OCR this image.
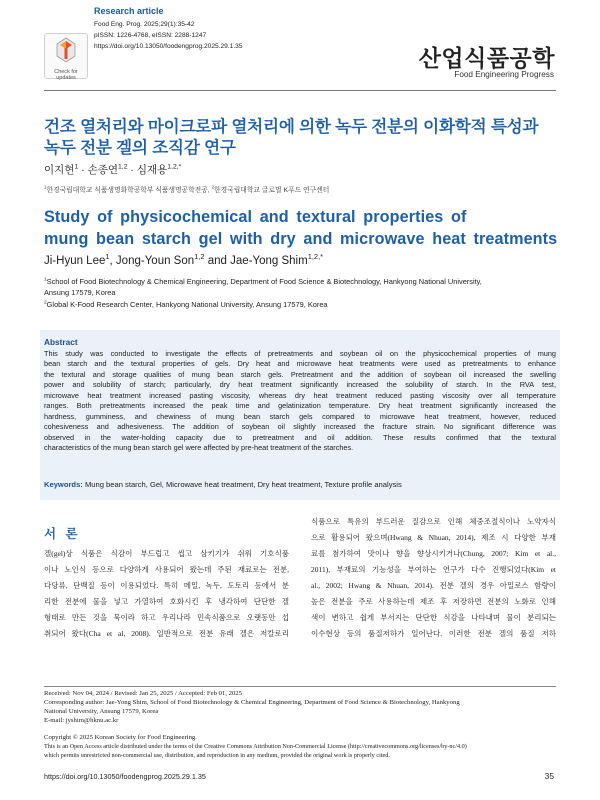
Check for updates
Research article
Food Eng. Prog. 2025;29(1):35-42
pISSN: 1226-4768, eISSN: 2288-1247
https://doi.org/10.13050/foodengprog.2025.29.1.35	산업식품공학
Food Engineering Progress
건조 열처리와 마이크로파 열처리에 의한 녹두 전분의 이화학적 특성과
녹두 전분 겔의 조직감 연구
이지현$^1$ · 손종연$^{1,2}$ · 심재용$^{1,2,*}$
$^1$한경국립대학교 식품생명화학공학부 식품생명공학전공, $^2$한경국립대학교 글로벌 K푸드 연구센터
Study of physicochemical and textural properties of
mung bean starch gel with dry and microwave heat treatments
Ji-Hyun Lee$^1$, Jong-Youn Son$^{1,2}$ and Jae-Yong Shim$^{1,2,*}$
$^1$School of Food Biotechnology & Chemical Engineering, Department of Food Science & Biotechnology, Hankyong National University,
Ansung 17579, Korea
$^2$Global K-Food Research Center, Hankyong National University, Ansung 17579, Korea
Abstract
This study was conducted to investigate the effects of pretreatments and soybean oil on the physicochemical properties of mung
bean starch and the textural properties of gels. Dry heat and microwave heat treatments were used as pretreatments to enhance
the textural and storage qualities of mung bean starch gels. Pretreatment and the addition of soybean oil increased the swelling
power and solubility of starch; particularly, dry heat treatment significantly increased the solubility of starch. In the RVA test,
microwave heat treatment increased pasting viscosity, whereas dry heat treatment reduced pasting viscosity over all temperature
ranges. Both pretreatments increased the peak time and gelatinization temperature. Dry heat treatment significantly increased the
hardness, gumminess, and chewiness of mung bean starch gels compared to microwave heat treatment, however, reduced
cohesiveness and adhesiveness. The addition of soybean oil slightly increased the fracture strain. No significant difference was
observed in the water-holding capacity due to pretreatment and oil addition. These results confirmed that the textural
characteristics of the mung bean starch gel were affected by pre-heat treatment of the starches.
Keywords: Mung bean starch, Gel, Microwave heat treatment, Dry heat treatment, Texture profile analysis
서 론
겔(gel)상 식품은 식감이 부드럽고 씹고 삼키기가 쉬워 기호식품
이나 노인식 등으로 다양하게 사용되어 왔는데 주된 재료로는 전분,
다당류, 단백질 등이 이용되었다. 특히 메밀, 녹두, 도토리 등에서 분
리한 전분에 물을 넣고 가열하여 호화시킨 후 냉각하여 단단한 겔
형태로 만든 것을 묵이라 하고 우리나라 민속식품으로 오랫동안 섭
취되어 왔다(Cha et al, 2008). 일반적으로 전분 유래 겔은 저칼로리
식품으로 특유의 부드러운 질감으로 인해 체중조절식이나 노약자식
으로 활용되어 왔으며(Hwang & Nhuan, 2014), 제조 시 다양한 부재
료를 첨가하여 맛이나 향을 향상시키거나(Chung, 2007; Kim et al.,
2011), 부재료의 기능성을 부여하는 연구가 다수 진행되었다(Kim et
al., 2002; Hwang & Nhuan, 2014). 전분 겔의 경우 아밀로스 함량이
높은 전분을 주로 사용하는데 제조 후 저장하면 전분의 노화로 인해
색이 변하고 쉽게 부서지는 단단한 식감을 나타내며 물이 분리되는
이수현상 등의 품질저하가 일어난다. 이러한 전분 겔의 품질 저하
Received: Nov 04, 2024 / Revised: Jan 25, 2025 / Accepted: Feb 01, 2025
Corresponding author: Jae-Yong Shim, School of Food Biotechnology & Chemical Engineering, Department of Food Science & Biotechnology, Hankyong
National University, Ansung 17579, Korea
E-mail: jyshim@hknu.ac.kr
Copyright © 2025 Korean Society for Food Engineering.
This is an Open Access article distributed under the terms of the Creative Commons Attribution Non-Commercial License (http://creativecommons.org/licenses/by-nc/4.0)
which permits unrestricted non-commercial use, distribution, and reproduction in any medium, provided the original work is properly cited.
https://doi.org/10.13050/foodengprog.2025.29.1.35	35
